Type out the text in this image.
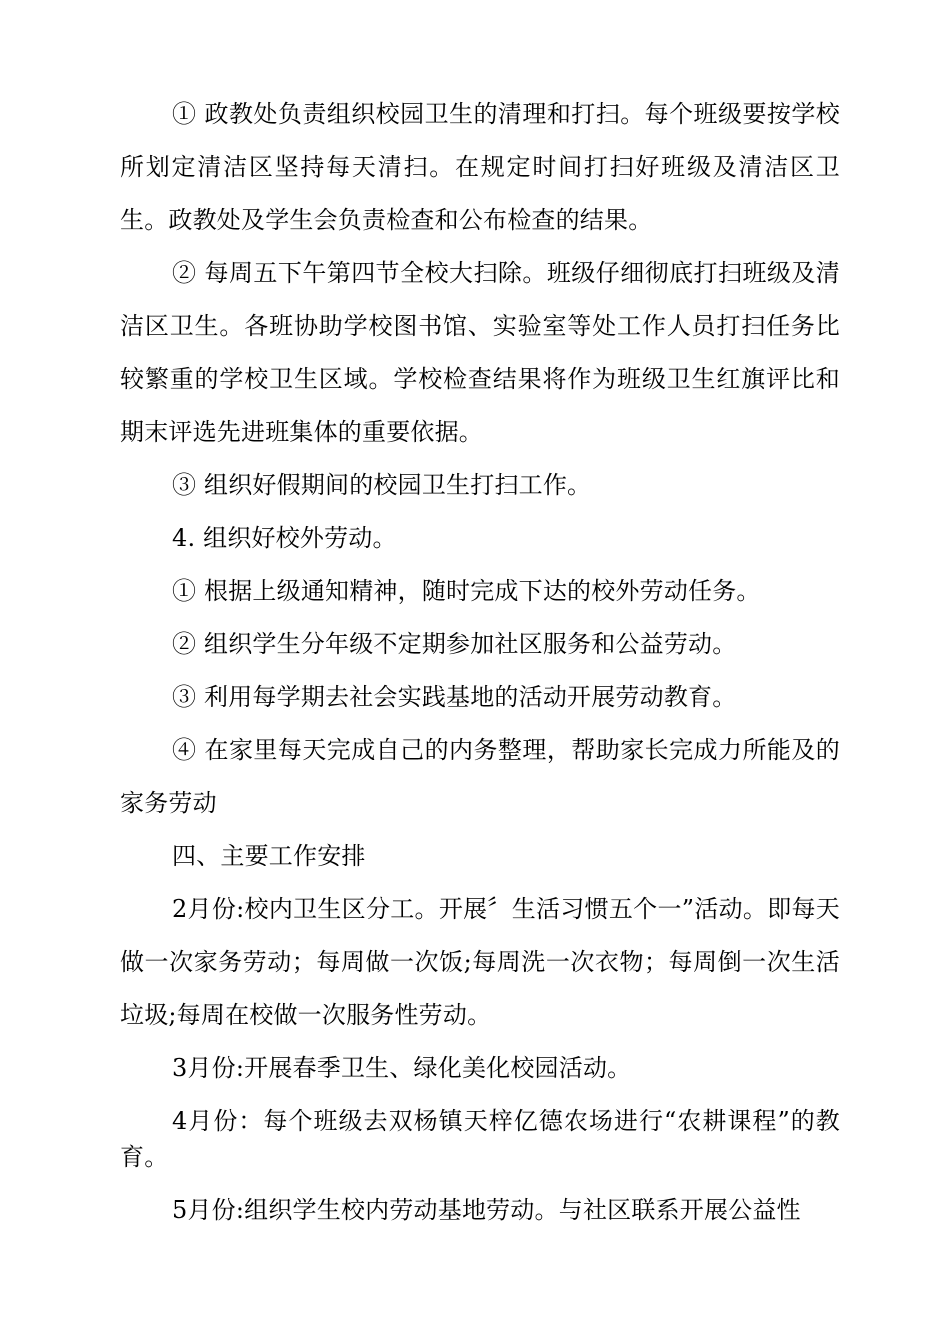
① 政教处负责组织校园卫生的清理和打扫。每个班级要按学校所划定清洁区坚持每天清扫。在规定时间打扫好班级及清洁区卫生。政教处及学生会负责检查和公布检查的结果。

② 每周五下午第四节全校大扫除。班级仔细彻底打扫班级及清洁区卫生。各班协助学校图书馆、实验室等处工作人员打扫任务比较繁重的学校卫生区域。学校检查结果将作为班级卫生红旗评比和期末评选先进班集体的重要依据。

③ 组织好假期间的校园卫生打扫工作。

4. 组织好校外劳动。

① 根据上级通知精神，随时完成下达的校外劳动任务。

② 组织学生分年级不定期参加社区服务和公益劳动。

③ 利用每学期去社会实践基地的活动开展劳动教育。

④ 在家里每天完成自己的内务整理，帮助家长完成力所能及的家务劳动

四、主要工作安排

2月份:校内卫生区分工。开展〞生活习惯五个一”活动。即每天做一次家务劳动；每周做一次饭;每周洗一次衣物；每周倒一次生活垃圾;每周在校做一次服务性劳动。

3月份:开展春季卫生、绿化美化校园活动。

4月份：每个班级去双杨镇天梓亿德农场进行“农耕课程”的教育。

5月份:组织学生校内劳动基地劳动。与社区联系开展公益性
